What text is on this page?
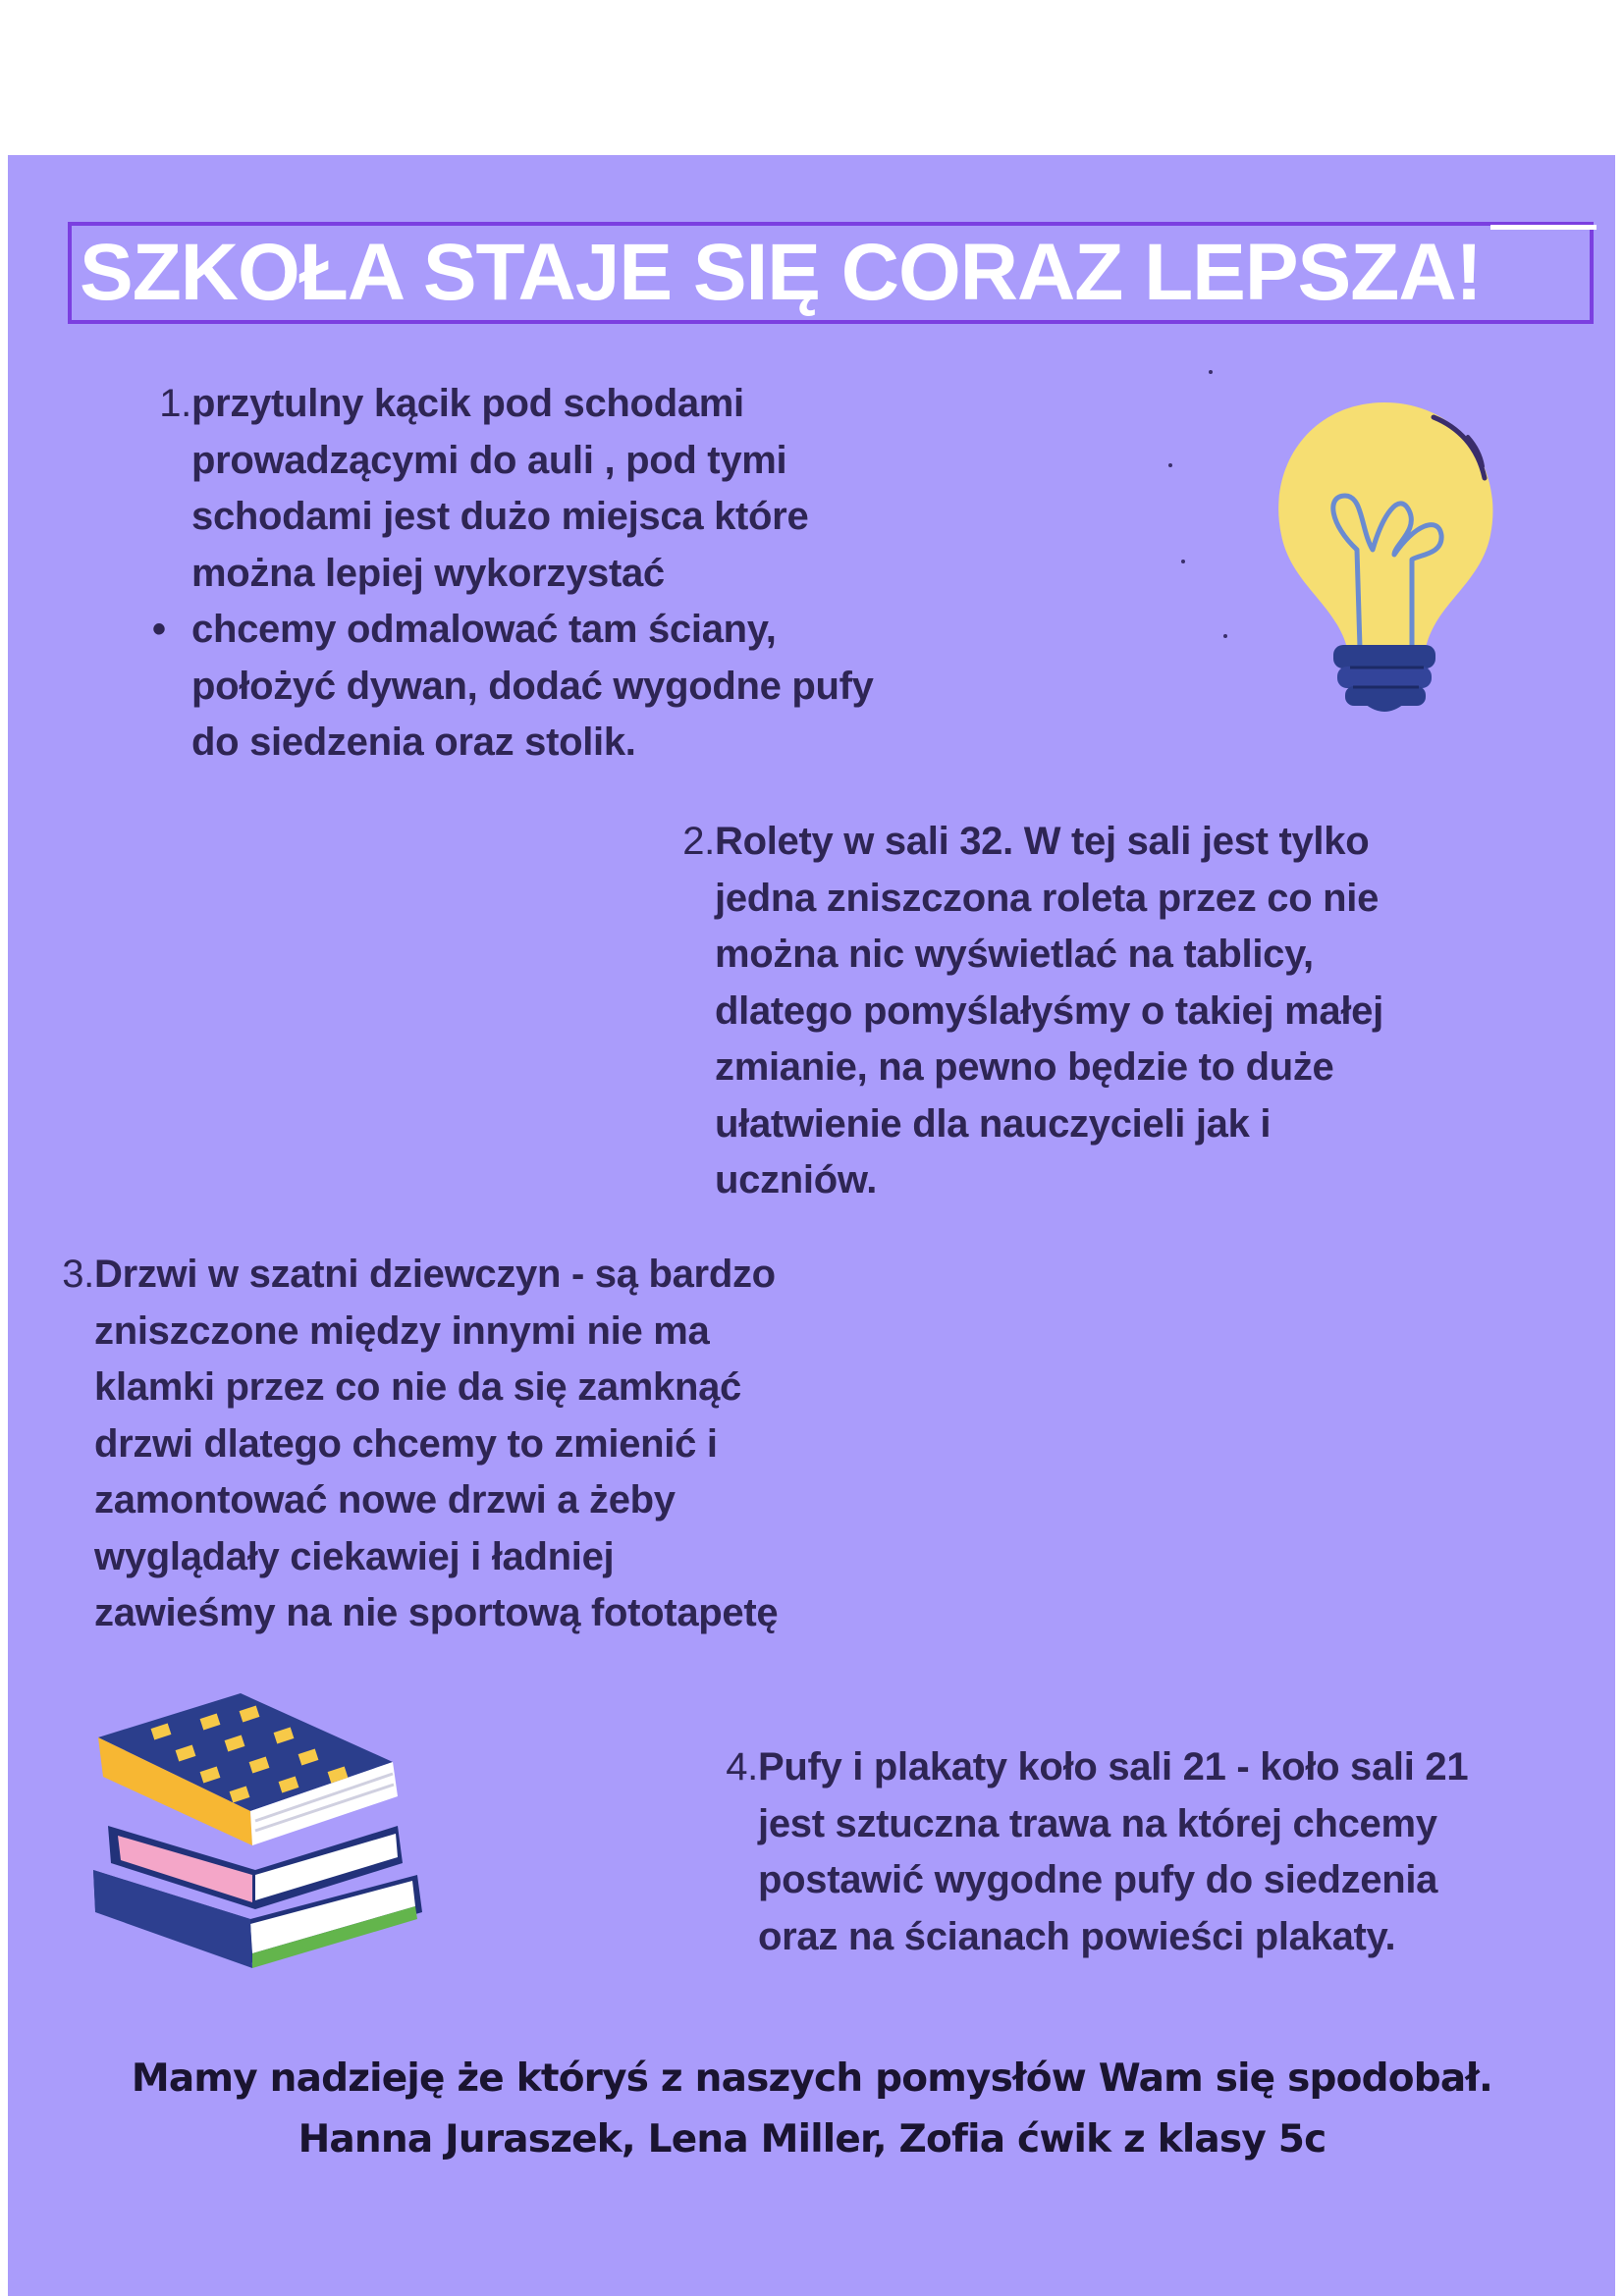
SZKOŁA STAJE SIĘ CORAZ LEPSZA!
1. przytulny kącik pod schodami
prowadzącymi do auli , pod tymi
schodami jest dużo miejsca które
można lepiej wykorzystać
• chcemy odmalować tam ściany,
położyć dywan, dodać wygodne pufy
do siedzenia oraz stolik.
2. Rolety w sali 32. W tej sali jest tylko
jedna zniszczona roleta przez co nie
można nic wyświetlać na tablicy,
dlatego pomyślałyśmy o takiej małej
zmianie, na pewno będzie to duże
ułatwienie dla nauczycieli jak i
uczniów.
3. Drzwi w szatni dziewczyn - są bardzo
zniszczone między innymi nie ma
klamki przez co nie da się zamknąć
drzwi dlatego chcemy to zmienić i
zamontować nowe drzwi a żeby
wyglądały ciekawiej i ładniej
zawieśmy na nie sportową fototapetę
4. Pufy i plakaty koło sali 21 - koło sali 21
jest sztuczna trawa na której chcemy
postawić wygodne pufy do siedzenia
oraz na ścianach powieści plakaty.
Mamy nadzieję że któryś z naszych pomysłów Wam się spodobał.
Hanna Juraszek, Lena Miller, Zofia ćwik z klasy 5c
